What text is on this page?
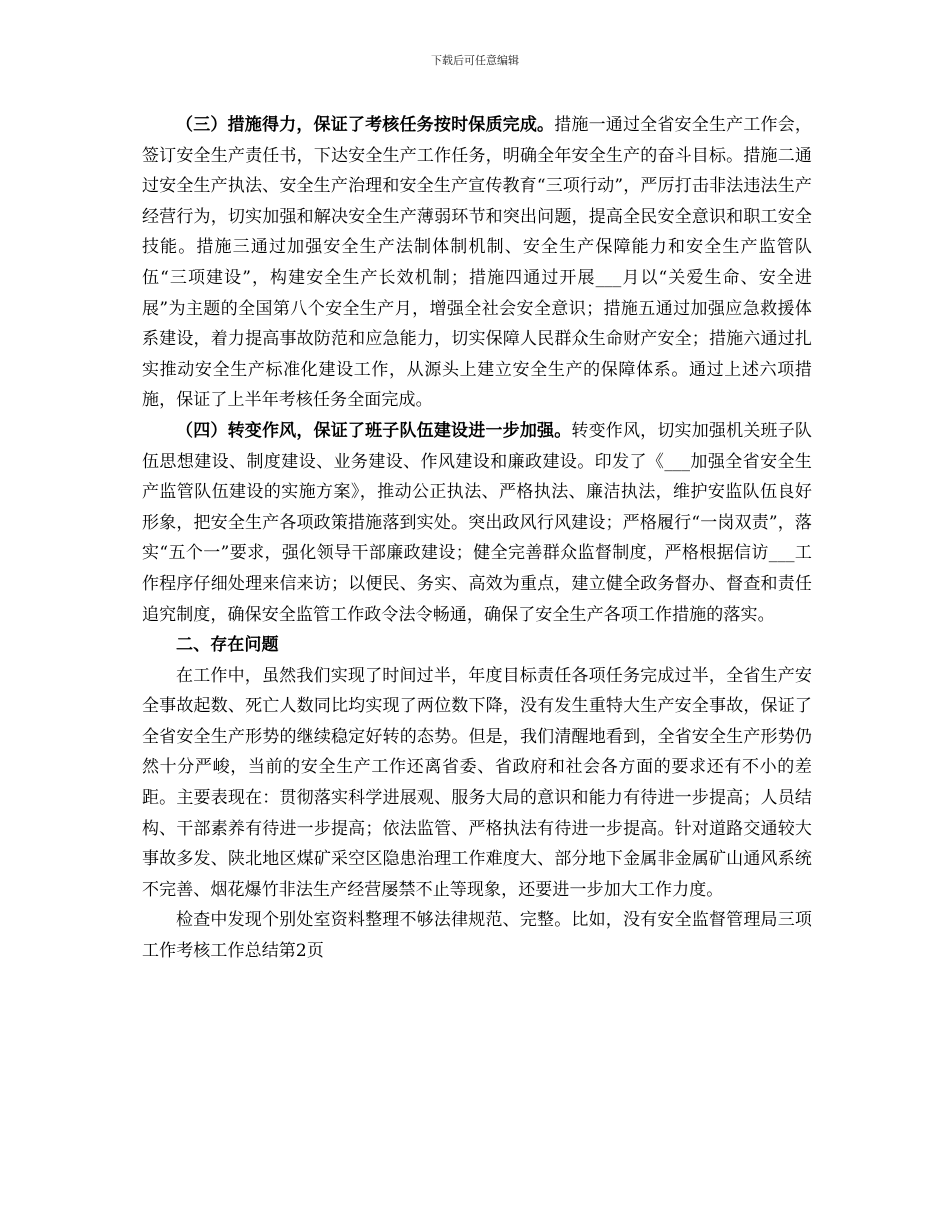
下载后可任意编辑

（三）措施得力，保证了考核任务按时保质完成。措施一通过全省安全生产工作会，签订安全生产责任书，下达安全生产工作任务，明确全年安全生产的奋斗目标。措施二通过安全生产执法、安全生产治理和安全生产宣传教育“三项行动”，严厉打击非法违法生产经营行为，切实加强和解决安全生产薄弱环节和突出问题，提高全民安全意识和职工安全技能。措施三通过加强安全生产法制体制机制、安全生产保障能力和安全生产监管队伍“三项建设”，构建安全生产长效机制；措施四通过开展___月以“关爱生命、安全进展”为主题的全国第八个安全生产月，增强全社会安全意识；措施五通过加强应急救援体系建设，着力提高事故防范和应急能力，切实保障人民群众生命财产安全；措施六通过扎实推动安全生产标准化建设工作，从源头上建立安全生产的保障体系。通过上述六项措施，保证了上半年考核任务全面完成。

（四）转变作风，保证了班子队伍建设进一步加强。转变作风，切实加强机关班子队伍思想建设、制度建设、业务建设、作风建设和廉政建设。印发了《___加强全省安全生产监管队伍建设的实施方案》，推动公正执法、严格执法、廉洁执法，维护安监队伍良好形象，把安全生产各项政策措施落到实处。突出政风行风建设；严格履行“一岗双责”，落实“五个一”要求，强化领导干部廉政建设；健全完善群众监督制度，严格根据信访___工作程序仔细处理来信来访；以便民、务实、高效为重点，建立健全政务督办、督查和责任追究制度，确保安全监管工作政令法令畅通，确保了安全生产各项工作措施的落实。

二、存在问题

在工作中，虽然我们实现了时间过半，年度目标责任各项任务完成过半，全省生产安全事故起数、死亡人数同比均实现了两位数下降，没有发生重特大生产安全事故，保证了全省安全生产形势的继续稳定好转的态势。但是，我们清醒地看到，全省安全生产形势仍然十分严峻，当前的安全生产工作还离省委、省政府和社会各方面的要求还有不小的差距。主要表现在：贯彻落实科学进展观、服务大局的意识和能力有待进一步提高；人员结构、干部素养有待进一步提高；依法监管、严格执法有待进一步提高。针对道路交通较大事故多发、陕北地区煤矿采空区隐患治理工作难度大、部分地下金属非金属矿山通风系统不完善、烟花爆竹非法生产经营屡禁不止等现象，还要进一步加大工作力度。

检查中发现个别处室资料整理不够法律规范、完整。比如，没有安全监督管理局三项工作考核工作总结第2页
